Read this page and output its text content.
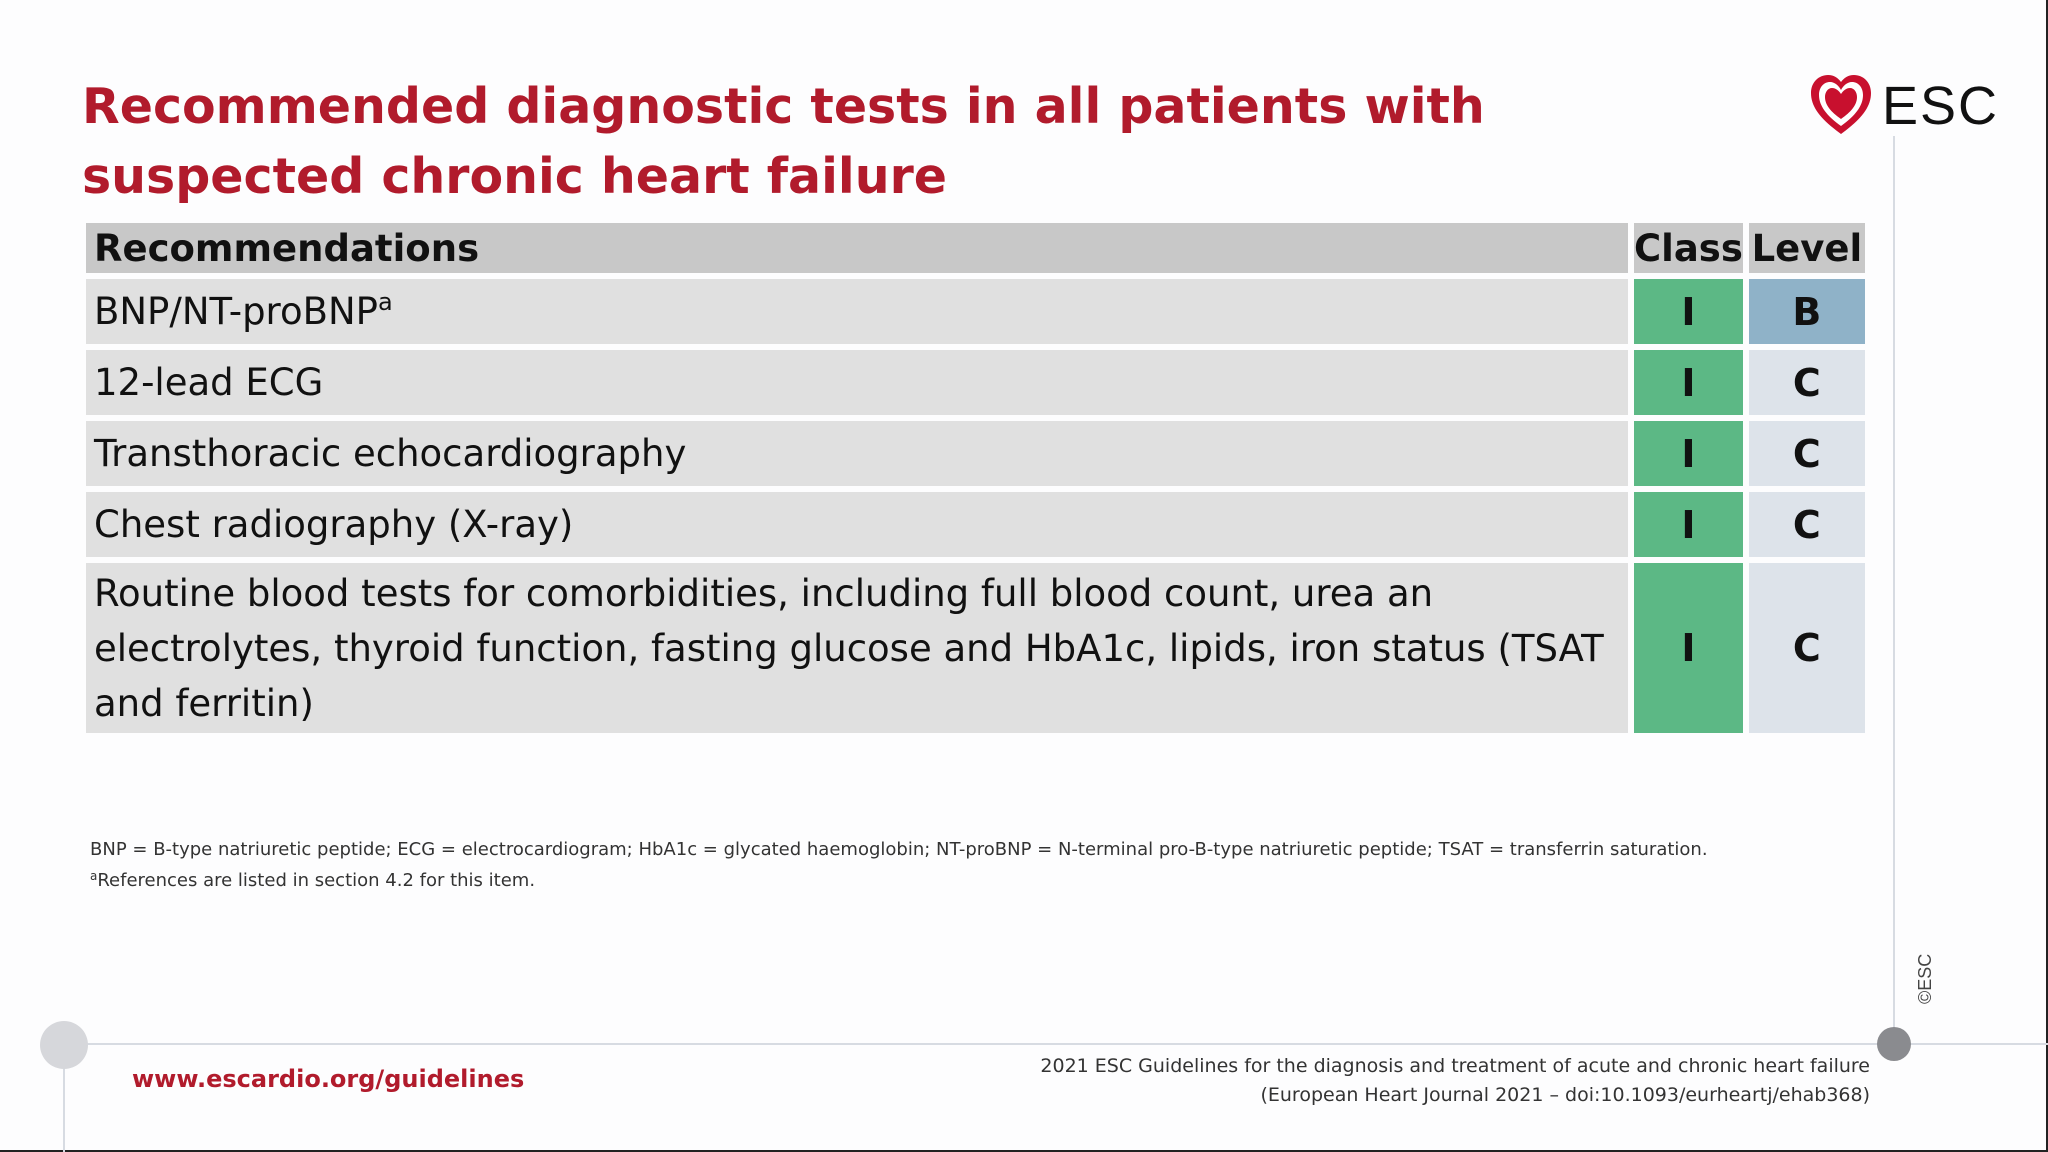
Recommended diagnostic tests in all patients with suspected chronic heart failure
ESC
©ESC
Recommendations	Class	Level
BNP/NT-proBNP$^a$	I	B
12-lead ECG	I	C
Transthoracic echocardiography	I	C
Chest radiography (X-ray)	I	C
Routine blood tests for comorbidities, including full blood count, urea an electrolytes, thyroid function, fasting glucose and HbA1c, lipids, iron status (TSAT and ferritin)	I	C
BNP = B-type natriuretic peptide; ECG = electrocardiogram; HbA1c = glycated haemoglobin; NT-proBNP = N-terminal pro-B-type natriuretic peptide; TSAT = transferrin saturation.
$^a$References are listed in section 4.2 for this item.
www.escardio.org/guidelines	2021 ESC Guidelines for the diagnosis and treatment of acute and chronic heart failure
(European Heart Journal 2021 – doi:10.1093/eurheartj/ehab368)
